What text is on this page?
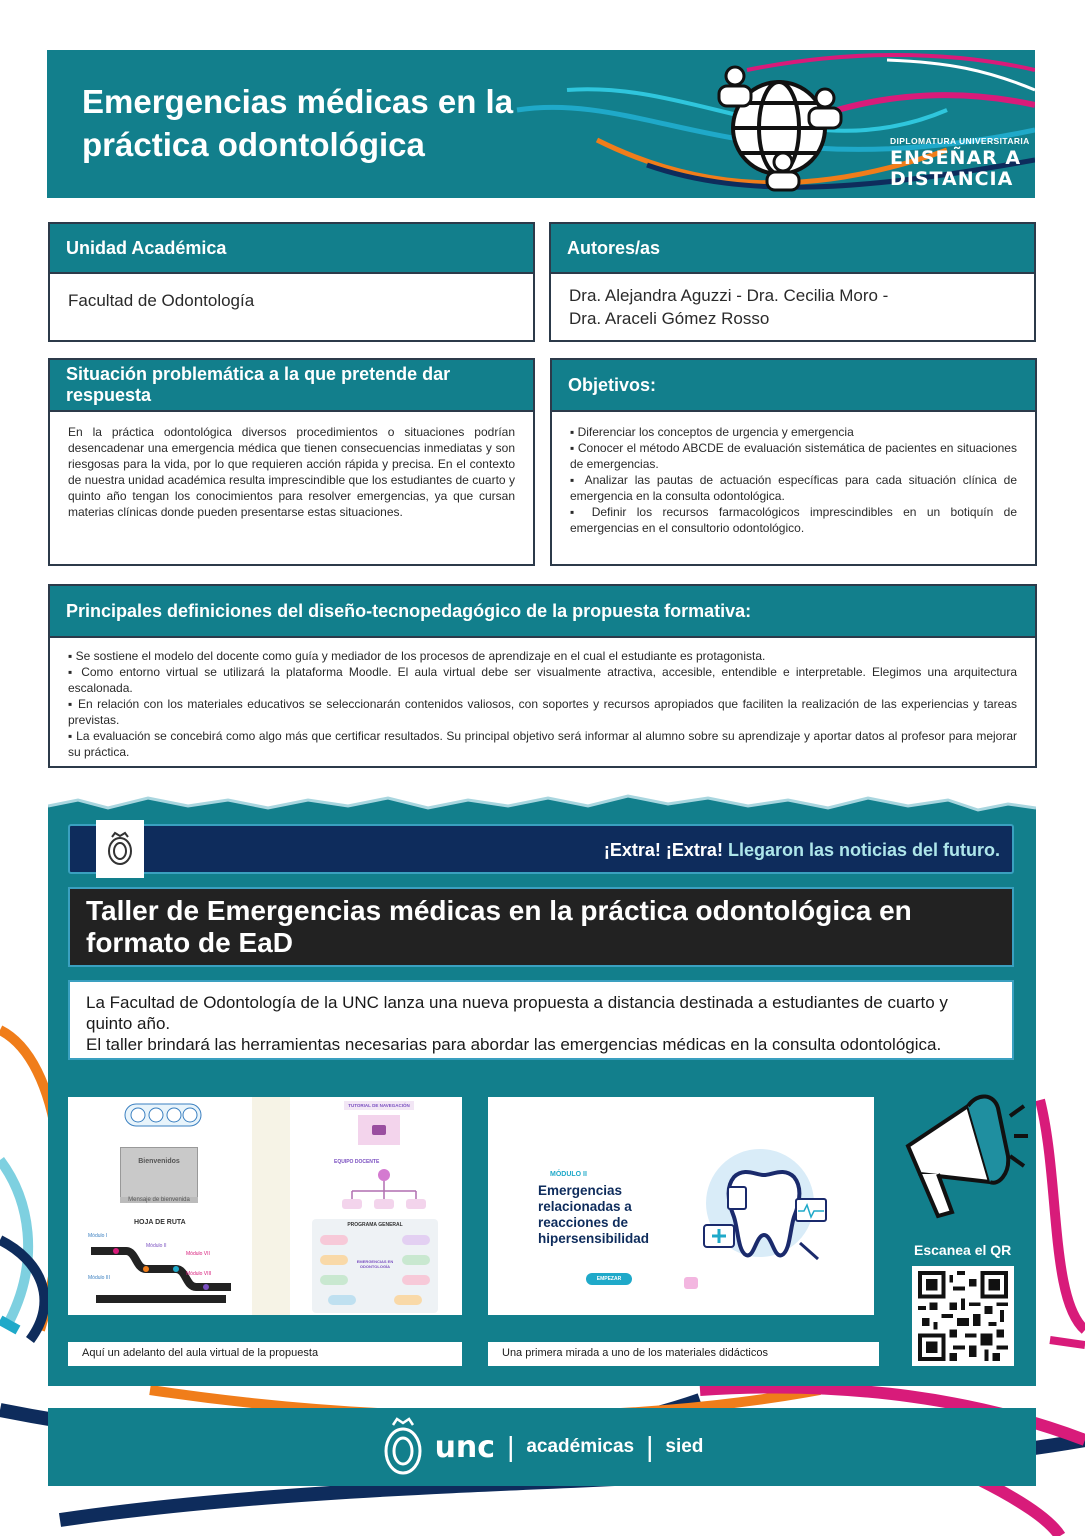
Emergencias médicas en la práctica odontológica	DIPLOMATURA UNIVERSITARIA
ENSEÑAR A
DISTANCIA
Unidad Académica
Facultad de Odontología
Autores/as
Dra. Alejandra Aguzzi - Dra. Cecilia Moro -
Dra. Araceli Gómez Rosso
Situación problemática a la que pretende dar respuesta
En la práctica odontológica diversos procedimientos o situaciones podrían desencadenar una emergencia médica que tienen consecuencias inmediatas y son riesgosas para la vida, por lo que requieren acción rápida y precisa. En el contexto de nuestra unidad académica resulta imprescindible que los estudiantes de cuarto y quinto año tengan los conocimientos para resolver emergencias, ya que cursan materias clínicas donde pueden presentarse estas situaciones.
Objetivos:
▪ Diferenciar los conceptos de urgencia y emergencia
▪ Conocer el método ABCDE de evaluación sistemática de pacientes en situaciones de emergencias.
▪ Analizar las pautas de actuación específicas para cada situación clínica de emergencia en la consulta odontológica.
▪ Definir los recursos farmacológicos imprescindibles en un botiquín de emergencias en el consultorio odontológico.
Principales definiciones del diseño-tecnopedagógico de la propuesta formativa:
▪ Se sostiene el modelo del docente como guía y mediador de los procesos de aprendizaje en el cual el estudiante es protagonista.
▪ Como entorno virtual se utilizará la plataforma Moodle. El aula virtual debe ser visualmente atractiva, accesible, entendible e interpretable. Elegimos una arquitectura escalonada.
▪ En relación con los materiales educativos se seleccionarán contenidos valiosos, con soportes y recursos apropiados que faciliten la realización de las experiencias y tareas previstas.
▪ La evaluación se concebirá como algo más que certificar resultados. Su principal objetivo será informar al alumno sobre su aprendizaje y aportar datos al profesor para mejorar su práctica.
¡Extra! ¡Extra! Llegaron las noticias del futuro.
Taller de Emergencias médicas en la práctica odontológica en formato de EaD
La Facultad de Odontología de la UNC lanza una nueva propuesta a distancia destinada a estudiantes de cuarto y quinto año.
El taller brindará las herramientas necesarias para abordar las emergencias médicas en la consulta odontológica.
Bienvenidos
Mensaje de bienvenida
HOJA DE RUTA
Módulo I
Módulo II
Módulo VII
Módulo III
Módulo VIII
TUTORIAL DE NAVEGACIÓN
EQUIPO DOCENTE
PROGRAMA GENERAL
EMERGENCIAS EN ODONTOLOGÍA
Aquí un adelanto del aula virtual de la propuesta
MÓDULO II
Emergencias
relacionadas a
reacciones de
hipersensibilidad
EMPEZAR
Una primera mirada a uno de los materiales didácticos
Escanea el QR
unc | académicas | sied
